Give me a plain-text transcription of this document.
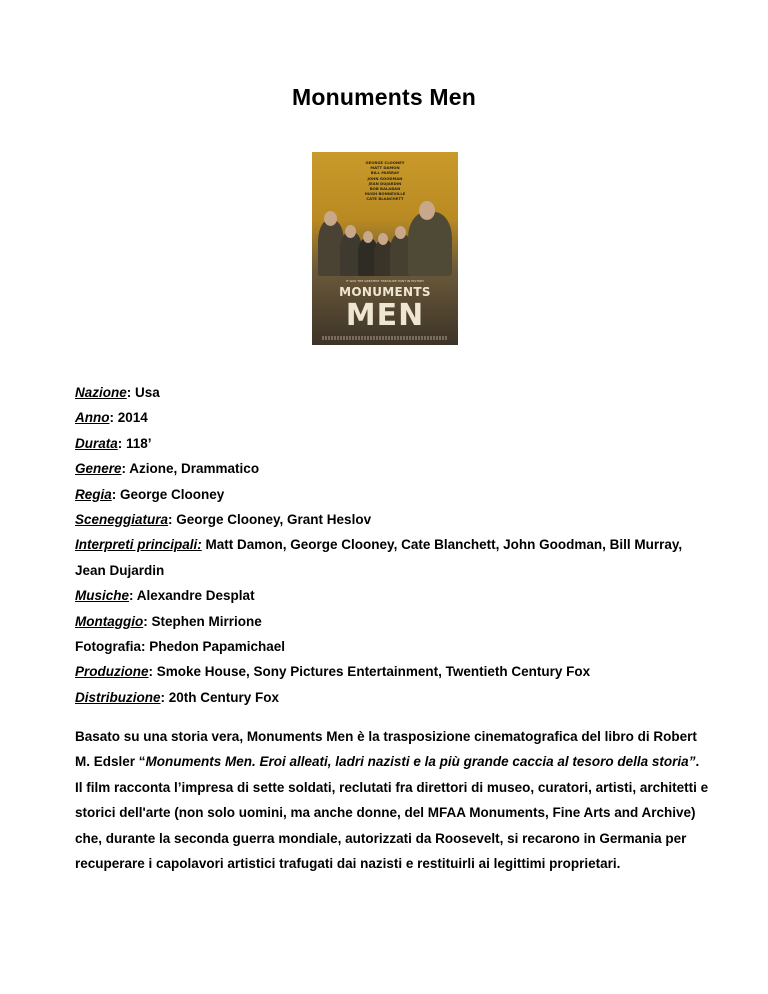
Monuments Men
GEORGE CLOONEY
MATT DAMON
BILL MURRAY
JOHN GOODMAN
JEAN DUJARDIN
BOB BALABAN
HUGH BONNEVILLE
CATE BLANCHETT
IT WAS THE GREATEST TREASURE HUNT IN HISTORY
MONUMENTS
MEN
Nazione: Usa
Anno: 2014
Durata: 118’
Genere: Azione, Drammatico
Regia: George Clooney
Sceneggiatura: George Clooney, Grant Heslov
Interpreti principali: Matt Damon, George Clooney, Cate Blanchett, John Goodman, Bill Murray, Jean Dujardin
Musiche: Alexandre Desplat
Montaggio: Stephen Mirrione
Fotografia: Phedon Papamichael
Produzione: Smoke House, Sony Pictures Entertainment, Twentieth Century Fox
Distribuzione: 20th Century Fox

Basato su una storia vera, Monuments Men è la trasposizione cinematografica del libro di Robert M. Edsler “Monuments Men. Eroi alleati, ladri nazisti e la più grande caccia al tesoro della storia”.

Il film racconta l’impresa di sette soldati, reclutati fra direttori di museo, curatori, artisti, architetti e storici dell'arte (non solo uomini, ma anche donne, del MFAA Monuments, Fine Arts and Archive) che, durante la seconda guerra mondiale, autorizzati da Roosevelt, si recarono in Germania per recuperare i capolavori artistici trafugati dai nazisti e restituirli ai legittimi proprietari.
